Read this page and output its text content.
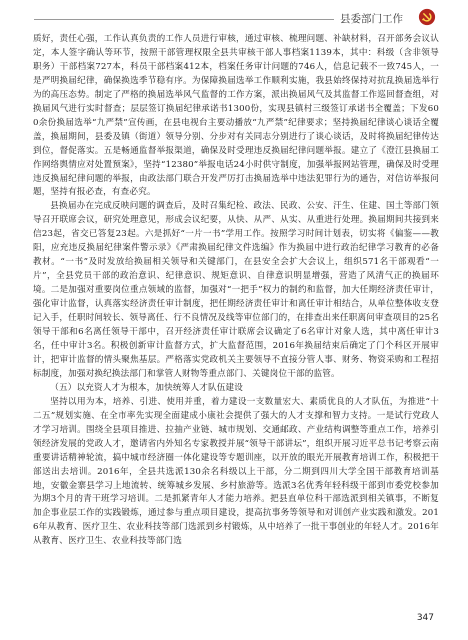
县委部门工作

质好，责任心强，工作认真负责的工作人员进行审核，通过审核、梳理问题、补缺材料，召开部务会议认定，本人签字确认等环节，按照干部管理权限全县共审核干部人事档案1139本，其中：科级（含非领导职务）干部档案727本，科员干部档案412本，档案任务审计问题的746人，信息记载不一致745人，一是严明换届纪律，确保换选季节稳有序。为保障换届选举工作顺利实施，我县始终保持对抗乱换届选举行为的高压态势。制定了严格的换届选举风气监督的工作方案，派出换届风气及其监督工作巡回督查组，对换届风气进行实时督查；层层签订换届纪律承诺书1300份，实现县镇村三级签订承诺书全覆盖；下发600余份换届选举“九严禁”宣传画，在县电视台主要动播放“九严禁”纪律要求；坚持换届纪律谈心谈话全覆盖，换届期间，县委及镇（街道）领导分别、分步对有关同志分别进行了谈心谈话，及时将换届纪律传达到位，督促落实。五是畅通监督举报渠道，确保及时受理违反换届纪律问题举报。建立了《澄江县换届工作网络舆情应对处置预案》，坚持“12380”举报电话24小时供守制度，加强举报网站管理，确保及时受理违反换届纪律问题的举报，由政法部门联合开发严厉打击换届选举中违法犯罪行为的通告，对信访举报问题，坚持有报必查，有查必究。

县换届办在完成反映问题的调查后，及时召集纪检、政法、民政、公安、汗生、住建、国土等部门领导召开联席会议，研究处理意见，形成会议纪要，从快、从严、从实、从重进行处理。换届期间共接到来信23起，省交已答复23起。六是抓好“一片一书”学用工作。按照学习时间计划表，切实将《偏鉴——教阳，应充违反换届纪律案件警示录》《严肃换届纪律文件选编》作为换届中进行政治纪律学习教育的必备教材。“一书”及时发放给换届相关领导和关键部门，在县安全会扩大会议上，组织571名干部观看“一片”，全县党员干部的政治意识、纪律意识、规矩意识、自律意识明显增强，营造了风清气正的换届环境。二是加强对重要岗位重点领域的监督，加强对“一把手”权力的制约和监督，加大任期经济责任审计，强化审计监督，认真落实经济责任审计制度，把任期经济责任审计和离任审计相结合，从单位整体收支登记入手，任职时间较长、领导离任、行不良情况及线等审位部门的，在排查出来任职离问审查项目的25名领导干部和6名离任领导干部中，召开经济责任审计联席会议确定了6名审计对象人选，其中离任审计3名，任中审计3名。积极创新审计监督方式，扩大监督范围，2016年换届结束后确定了门个科区开展审计，把审计监督的情头聚焦基层。严格落实党政机关主要领导不直接分管人事、财务、物资采购和工程招标制度，加强对换纪换法部门和掌管人财物等重点部门、关键岗位干部的监管。

（五）以充资人才为根本，加快统筹人才队伍建设

坚持以用为本，培养、引进、使用并重，着力建设一支数量宏大、素质优良的人才队伍，为推进“十二五”规划实施、在全市率先实现全面建成小康社会提供了强大的人才支撑和智力支持。一是试行党政人才学习培训。围绕全县项目推进、拉抽产业链、城市规划、交通邮政、产业结构调整等重点工作，培养引领经济发展的党政人才，邀请省内外知名专家教授并展“领导干部讲坛”，组织开展习近平总书记考察云南重要讲话精神轮流，搞中城市经济圈一体化建设等专题训座，以开放的眼光开展教育培训工作，积极把干部送出去培训。2016年，全县共选派130余名科级以上干部，分二期到四川大学全国干部教育培训基地，安徽金寨县学习上地流转、统筹城乡发展、乡村旅游等。选派3名优秀年轻科级干部到市委党校参加为期3个月的青干班学习培训。二是抓紧青年人才能力培养。把县直单位科干部选派到相关镇事，不断复加企事业层工作的实践锻炼，通过参与重点项目建设，提高抗事务等领导和对训创产业实践和激发。2016年从教育、医疗卫生、农业科技等部门选派到乡村锻炼，从中培养了一批干事创业的年轻人才。2016年从教育、医疗卫生、农业科技等部门选

347
